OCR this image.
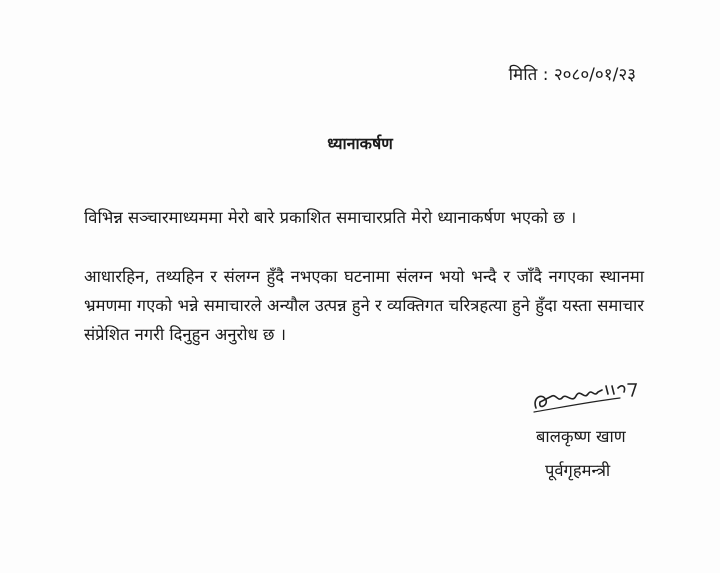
मिति : २०८०/०१/२३
ध्यानाकर्षण
विभिन्न सञ्चारमाध्यममा मेरो बारे प्रकाशित समाचारप्रति मेरो ध्यानाकर्षण भएको छ ।
आधारहिन, तथ्यहिन र संलग्न हुँदै नभएका घटनामा संलग्न भयो भन्दै र जाँदै नगएका स्थानमा भ्रमणमा गएको भन्ने समाचारले अन्यौल उत्पन्न हुने र व्यक्तिगत चरित्रहत्या हुने हुँदा यस्ता समाचार संप्रेशित नगरी दिनुहुन अनुरोध छ ।
बालकृष्ण खाण
पूर्वगृहमन्त्री
